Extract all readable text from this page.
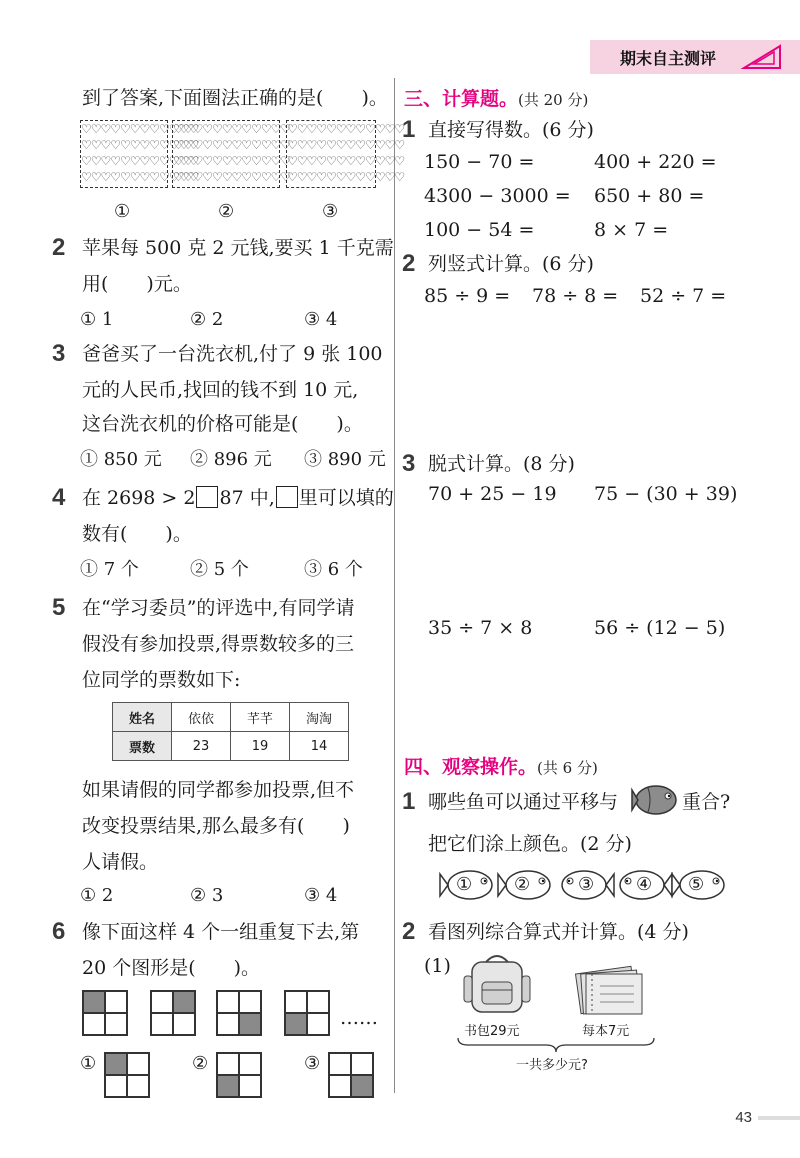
期末自主测评
到了答案,下面圈法正确的是(　　)。
♡♡♡♡♡♡♡♡♡♡♡♡
♡♡♡♡♡♡♡♡♡♡♡♡
♡♡♡♡♡♡♡♡♡♡♡♡
♡♡♡♡♡♡♡♡♡♡♡♡
♡♡♡♡♡♡♡♡♡♡♡♡
♡♡♡♡♡♡♡♡♡♡♡♡
♡♡♡♡♡♡♡♡♡♡♡♡
♡♡♡♡♡♡♡♡♡♡♡♡
♡♡♡♡♡♡♡♡♡♡♡♡
♡♡♡♡♡♡♡♡♡♡♡♡
♡♡♡♡♡♡♡♡♡♡♡♡
♡♡♡♡♡♡♡♡♡♡♡♡
①	②	③
2 苹果每 500 克 2 元钱,要买 1 千克需
用(　　)元。
① 1	② 2	③ 4
3 爸爸买了一台洗衣机,付了 9 张 100
元的人民币,找回的钱不到 10 元,
这台洗衣机的价格可能是(　　)。
① 850 元 ② 896 元 ③ 890 元
4 在 2698 > 2 87 中, 里可以填的
数有(　　)。
① 7 个	② 5 个	③ 6 个
5 在“学习委员”的评选中,有同学请
假没有参加投票,得票数较多的三
位同学的票数如下:
姓名	依依	芊芊	淘淘
票数	23	19	14
如果请假的同学都参加投票,但不
改变投票结果,那么最多有(　　)
人请假。
① 2	② 3	③ 4
6 像下面这样 4 个一组重复下去,第
20 个图形是(　　)。
……
①	②	③
三、计算题。(共 20 分)
1 直接写得数。(6 分)
150 − 70 =	400 + 220 =
4300 − 3000 = 650 + 80 =
100 − 54 =	8 × 7 =
2 列竖式计算。(6 分)
85 ÷ 9 = 78 ÷ 8 = 52 ÷ 7 =
3 脱式计算。(8 分)
70 + 25 − 19 75 − (30 + 39)
35 ÷ 7 × 8	56 ÷ (12 − 5)
四、观察操作。(共 6 分)
1 哪些鱼可以通过平移与	重合?
把它们涂上颜色。(2 分)
① ②	③ ④ ⑤
2 看图列综合算式并计算。(4 分)
(1)
书包29元	每本7元
一共多少元?
43
